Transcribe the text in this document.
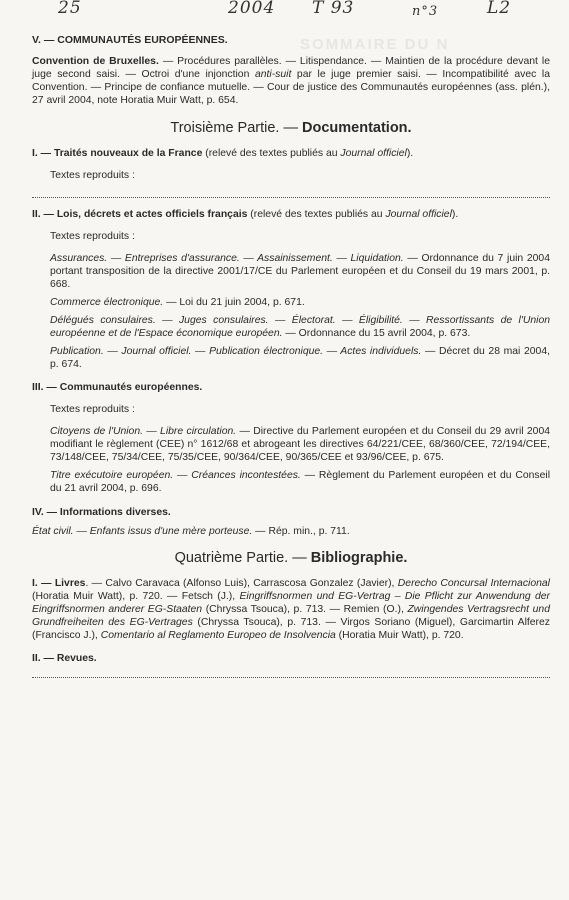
25	2004 T 93	n°3	L2
SOMMAIRE DU N

V. — COMMUNAUTÉS EUROPÉENNES.

Convention de Bruxelles. — Procédures parallèles. — Litispendance. — Maintien de la procédure devant le juge second saisi. — Octroi d'une injonction anti-suit par le juge premier saisi. — Incompatibilité avec la Convention. — Principe de confiance mutuelle. — Cour de justice des Communautés européennes (ass. plén.), 27 avril 2004, note Horatia Muir Watt, p. 654.

Troisième Partie. — Documentation.

I. — Traités nouveaux de la France (relevé des textes publiés au Journal officiel).

Textes reproduits :

II. — Lois, décrets et actes officiels français (relevé des textes publiés au Journal officiel).

Textes reproduits :

Assurances. — Entreprises d'assurance. — Assainissement. — Liquidation. — Ordonnance du 7 juin 2004 portant transposition de la directive 2001/17/CE du Parlement européen et du Conseil du 19 mars 2001, p. 668.

Commerce électronique. — Loi du 21 juin 2004, p. 671.

Délégués consulaires. — Juges consulaires. — Électorat. — Éligibilité. — Ressortissants de l'Union européenne et de l'Espace économique européen. — Ordonnance du 15 avril 2004, p. 673.

Publication. — Journal officiel. — Publication électronique. — Actes individuels. — Décret du 28 mai 2004, p. 674.

III. — Communautés européennes.

Textes reproduits :

Citoyens de l'Union. — Libre circulation. — Directive du Parlement européen et du Conseil du 29 avril 2004 modifiant le règlement (CEE) n° 1612/68 et abrogeant les directives 64/221/CEE, 68/360/CEE, 72/194/CEE, 73/148/CEE, 75/34/CEE, 75/35/CEE, 90/364/CEE, 90/365/CEE et 93/96/CEE, p. 675.

Titre exécutoire européen. — Créances incontestées. — Règlement du Parlement européen et du Conseil du 21 avril 2004, p. 696.

IV. — Informations diverses.

État civil. — Enfants issus d'une mère porteuse. — Rép. min., p. 711.

Quatrième Partie. — Bibliographie.

I. — Livres. — Calvo Caravaca (Alfonso Luis), Carrascosa Gonzalez (Javier), Derecho Concursal Internacional (Horatia Muir Watt), p. 720. — Fetsch (J.), Eingriffsnormen und EG-Vertrag – Die Pflicht zur Anwendung der Eingriffsnormen anderer EG-Staaten (Chryssa Tsouca), p. 713. — Remien (O.), Zwingendes Vertragsrecht und Grundfreiheiten des EG-Vertrages (Chryssa Tsouca), p. 713. — Virgos Soriano (Miguel), Garcimartin Alferez (Francisco J.), Comentario al Reglamento Europeo de Insolvencia (Horatia Muir Watt), p. 720.

II. — Revues.
